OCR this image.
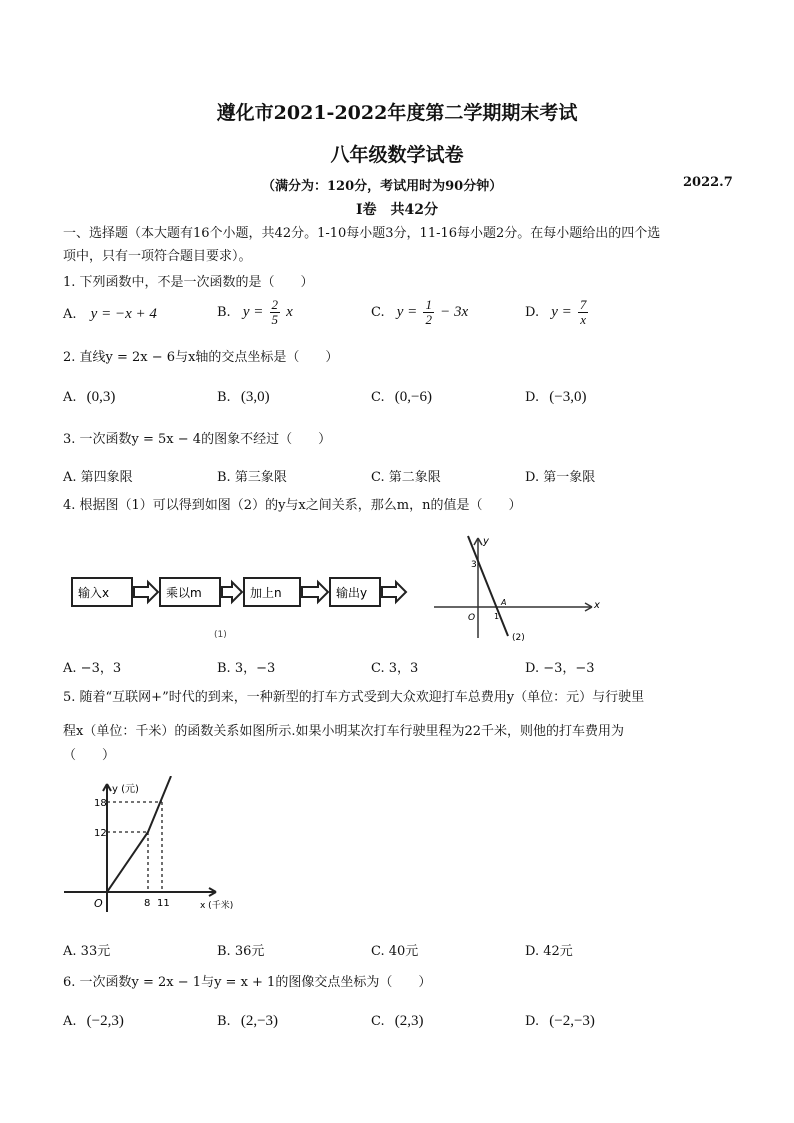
遵化市2021-2022年度第二学期期末考试
八年级数学试卷
（满分为：120分，考试用时为90分钟）	2022.7
I卷　共42分
一、选择题（本大题有16个小题，共42分。1-10每小题3分，11-16每小题2分。在每小题给出的四个选
项中，只有一项符合题目要求）。
1. 下列函数中，不是一次函数的是（　　）
A. y = −x + 4	B. $y = \frac{2}{5}$ x	C. $y = \frac{1}{2} - 3x$	D. $y = \frac{7}{x}$
2. 直线y = 2x − 6与x轴的交点坐标是（　　）
A. (0,3)	B. (3,0)	C. (0,−6)	D. (−3,0)
3. 一次函数y = 5x − 4的图象不经过（　　）
A. 第四象限	B. 第三象限	C. 第二象限	D. 第一象限
4. 根据图（1）可以得到如图（2）的y与x之间关系，那么m，n的值是（　　）
输入x	乘以m	加上n	输出y
(1)
x
y
O
3
1
A
(2)
A. −3，3	B. 3，−3	C. 3，3	D. −3，−3
5. 随着“互联网+”时代的到来，一种新型的打车方式受到大众欢迎打车总费用y（单位：元）与行驶里
程x（单位：千米）的函数关系如图所示.如果小明某次打车行驶里程为22千米，则他的打车费用为
（　　）
y (元)
x (千米)
O
18
12
8 11
A. 33元	B. 36元	C. 40元	D. 42元
6. 一次函数y = 2x − 1与y = x + 1的图像交点坐标为（　　）
A. (−2,3)	B. (2,−3)	C. (2,3)	D. (−2,−3)
